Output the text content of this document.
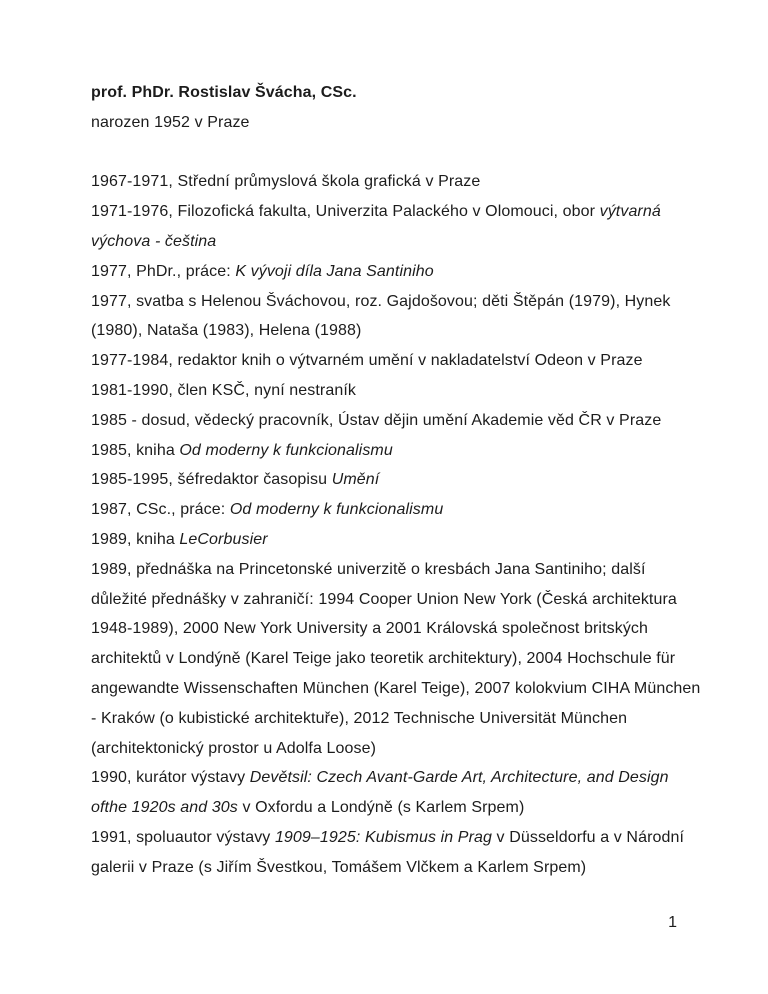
prof. PhDr. Rostislav Švácha, CSc.
narozen 1952 v Praze

1967-1971, Střední průmyslová škola grafická v Praze
1971-1976, Filozofická fakulta, Univerzita Palackého v Olomouci, obor výtvarná
výchova - čeština
1977, PhDr., práce: K vývoji díla Jana Santiniho
1977, svatba s Helenou Šváchovou, roz. Gajdošovou; děti Štěpán (1979), Hynek
(1980), Nataša (1983), Helena (1988)
1977-1984, redaktor knih o výtvarném umění v nakladatelství Odeon v Praze
1981-1990, člen KSČ, nyní nestraník
1985 - dosud, vědecký pracovník, Ústav dějin umění Akademie věd ČR v Praze
1985, kniha Od moderny k funkcionalismu
1985-1995, šéfredaktor časopisu Umění
1987, CSc., práce: Od moderny k funkcionalismu
1989, kniha LeCorbusier
1989, přednáška na Princetonské univerzitě o kresbách Jana Santiniho; další
důležité přednášky v zahraničí: 1994 Cooper Union New York (Česká architektura
1948-1989), 2000 New York University a 2001 Královská společnost britských
architektů v Londýně (Karel Teige jako teoretik architektury), 2004 Hochschule für
angewandte Wissenschaften München (Karel Teige), 2007 kolokvium CIHA München
- Kraków (o kubistické architektuře), 2012 Technische Universität München
(architektonický prostor u Adolfa Loose)
1990, kurátor výstavy Devětsil: Czech Avant-Garde Art, Architecture, and Design
ofthe 1920s and 30s v Oxfordu a Londýně (s Karlem Srpem)
1991, spoluautor výstavy 1909–1925: Kubismus in Prag v Düsseldorfu a v Národní
galerii v Praze (s Jiřím Švestkou, Tomášem Vlčkem a Karlem Srpem)
1
